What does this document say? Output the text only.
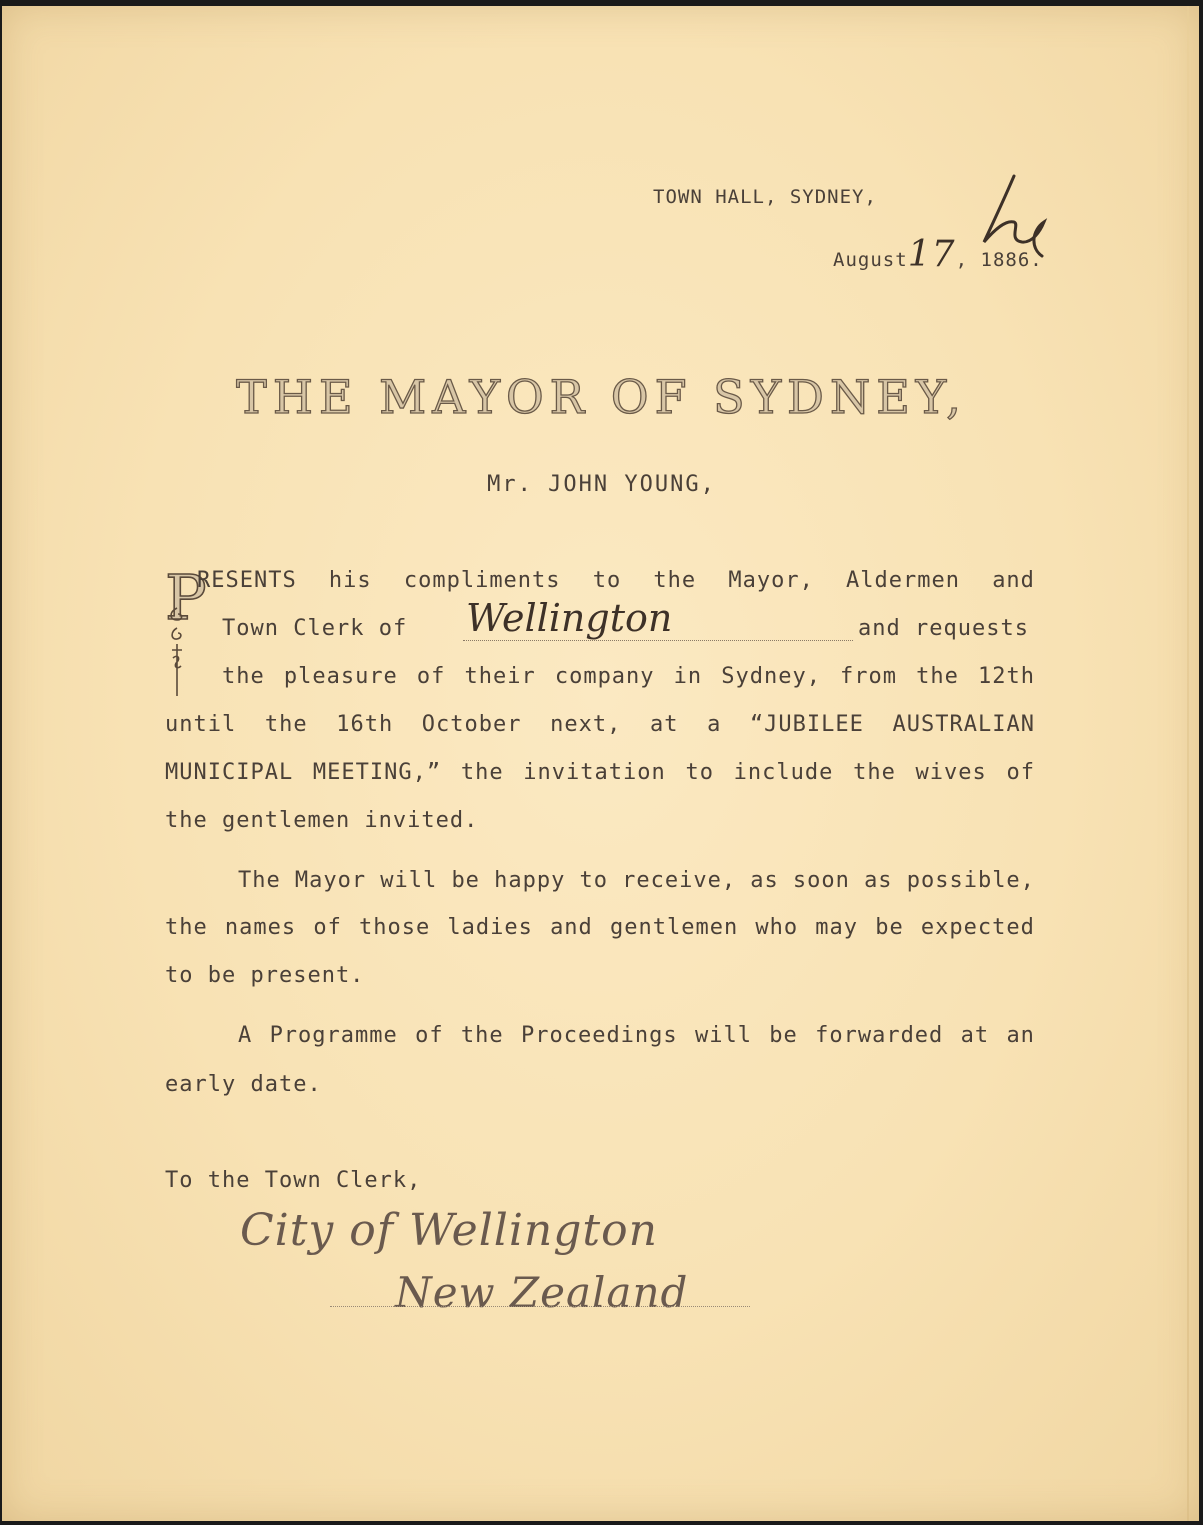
TOWN HALL, SYDNEY,
August17, 1886.
THE MAYOR OF SYDNEY,
Mr. JOHN YOUNG,
P
RESENTS his compliments to the Mayor, Aldermen and
Town Clerk of Wellington	and requests
the pleasure of their company in Sydney, from the 12th
until the 16th October next, at a “JUBILEE AUSTRALIAN
MUNICIPAL MEETING,” the invitation to include the wives of
the gentlemen invited.
The Mayor will be happy to receive, as soon as possible,
the names of those ladies and gentlemen who may be expected
to be present.
A Programme of the Proceedings will be forwarded at an
early date.
To the Town Clerk,
City of Wellington
New Zealand
